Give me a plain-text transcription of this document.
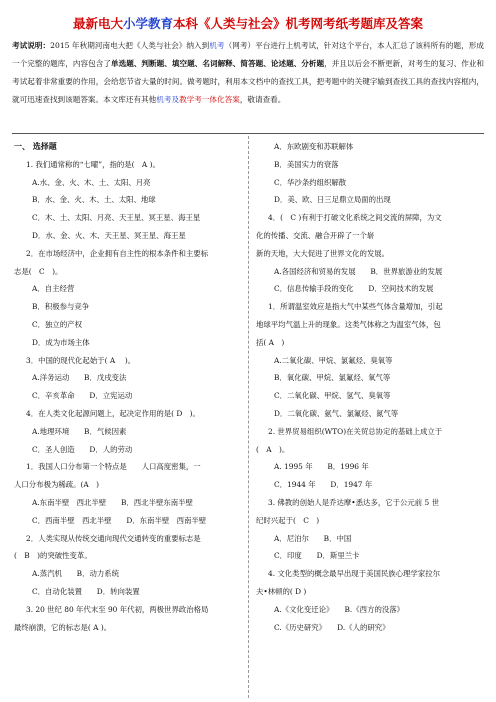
最新电大小学教育本科《人类与社会》机考网考纸考题库及答案
考试说明：2015 年秋期河南电大把《人类与社会》纳入到机考（网考）平台进行上机考试，针对这个平台，本人汇总了该科所有的题，形成一个完整的题库，内容包含了单选题、判断题、填空题、名词解释、简答题、论述题、分析题，并且以后会不断更新，对考生的复习、作业和考试起着非常重要的作用，会给您节省大量的时间。做考题时，利用本文档中的查找工具，把考题中的关键字输到查找工具的查找内容框内，就可迅速查找到该题答案。本文库还有其他机考及教学考一体化答案，敬请查看。

一、 选择题

1. 我们通常称的“七曜”，指的是(　A )。

A.水、金、火、木、土、太阳、月亮

B．水、金、火、木、土、太阳、地球

C．木、土、太阳、月亮、天王星、冥王星、海王星

D．水、金、火、木、天王星、冥王星、海王星

2．在市场经济中，企业拥有自主性的根本条件和主要标

志是(　C　)。

A．自主经营

B．积极参与竞争

C．独立的产权

D．成为市场主体

3．中国的现代化起始于( A　 )。

A.洋务运动　　B．戊戌变法

C．辛亥革命　　D．立宪运动

4．在人类文化起源问题上，起决定作用的是( D　)。

A.地理环境　　B．气候因素

C．圣人创造　　D．人的劳动

1．我国人口分布第一个特点是　　人口高度密集，一

人口分布极为稀疏。(A　)

A.东南半壁　西北半壁　　B．西北半壁东南半壁

C．西南半壁　西北半壁　　D．东南半壁　西南半壁

2．人类实现从传统交通向现代交通转变的重要标志是

(　B　)的突破性变革。

A.蒸汽机　　B．动力系统

C．自动化装置　　D．转向装置

3. 20 世纪 80 年代末至 90 年代初，两极世界政治格局

最终崩溃，它的标志是( A )。

A．东欧剧变和苏联解体

B．美国实力的衰落

C．华沙条约组织解散

D．美、欧、日三足鼎立局面的出现

4．(　C )有利于打破文化系统之间交流的屏障，为文

化的传播、交流、融合开辟了一个崭

新的天地，大大促进了世界文化的发展。

A.各国经济和贸易的发展　　B．世界旅游业的发展

C．信息传输手段的变化　　D．空间技术的发展

1．所谓温室效应是指大气中某些气体含量增加，引起

地球平均气温上升的现象。这类气体称之为温室气体，包

括( A　)

A.二氧化碳、甲烷、氯氟烃、臭氧等

B．氧化碳、甲烷、氯氟烃、氧气等

C．二氧化碳、甲烷、氢气、臭氧等

D．二氧化碳、氨气、氯氟烃、氮气等

2. 世界贸易组织(WTO)在关贸总协定的基础上成立于

(　A　)。

A. 1995 年　　B．1996 年

C．1944 年　　D．1947 年

3. 佛教的创始人是乔达摩•悉达多，它于公元前 5 世

纪时兴起于(　C　)

A．尼泊尔　　B．中国

C．印度　　D．斯里兰卡

4. 文化类型的概念最早出现于美国民族心理学家拉尔

夫•林顿的( D )

A.《文化变迁论》　　B.《西方的没落》

C.《历史研究》　　D.《人的研究》
